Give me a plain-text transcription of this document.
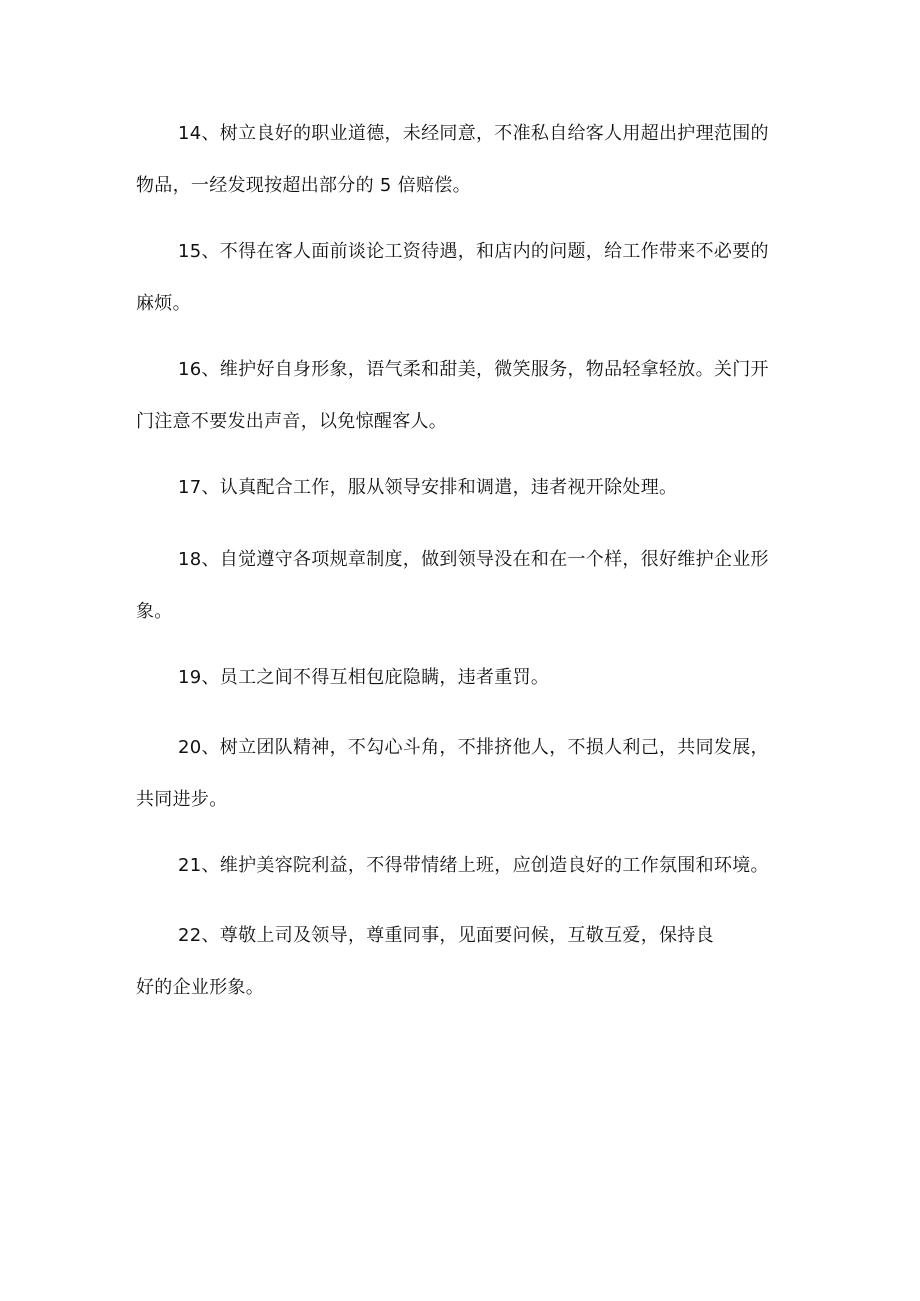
14、树立良好的职业道德，未经同意，不准私自给客人用超出护理范围的
物品，一经发现按超出部分的 5 倍赔偿。

15、不得在客人面前谈论工资待遇，和店内的问题，给工作带来不必要的
麻烦。

16、维护好自身形象，语气柔和甜美，微笑服务，物品轻拿轻放。关门开
门注意不要发出声音，以免惊醒客人。

17、认真配合工作，服从领导安排和调遣，违者视开除处理。

18、自觉遵守各项规章制度，做到领导没在和在一个样，很好维护企业形
象。

19、员工之间不得互相包庇隐瞒，违者重罚。

20、树立团队精神，不勾心斗角，不排挤他人，不损人利己，共同发展，
共同进步。

21、维护美容院利益，不得带情绪上班，应创造良好的工作氛围和环境。

22、尊敬上司及领导，尊重同事，见面要问候，互敬互爱，保持良
好的企业形象。
